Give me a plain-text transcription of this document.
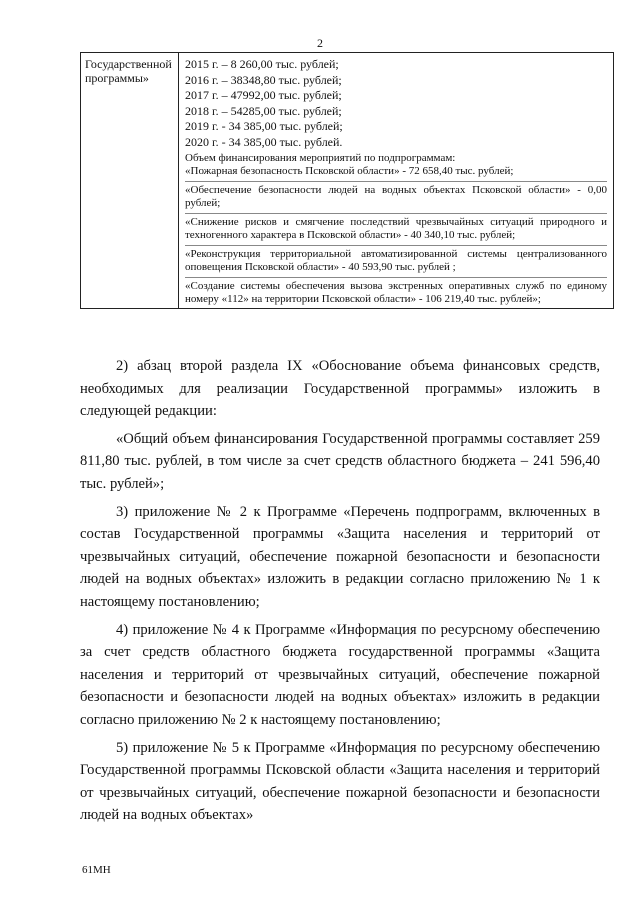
2
Государственной программы»
2015 г. – 8 260,00 тыс. рублей;
2016 г. – 38348,80 тыс. рублей;
2017 г. – 47992,00 тыс. рублей;
2018 г. – 54285,00 тыс. рублей;
2019 г. - 34 385,00 тыс. рублей;
2020 г. - 34 385,00 тыс. рублей.
Объем финансирования мероприятий по подпрограммам:
«Пожарная безопасность Псковской области» - 72 658,40 тыс. рублей;
«Обеспечение безопасности людей на водных объектах Псковской области» - 0,00 рублей;
«Снижение рисков и смягчение последствий чрезвычайных ситуаций природного и техногенного характера в Псковской области» - 40 340,10 тыс. рублей;
«Реконструкция территориальной автоматизированной системы централизованного оповещения Псковской области» - 40 593,90 тыс. рублей ;
«Создание системы обеспечения вызова экстренных оперативных служб по единому номеру «112» на территории Псковской области» - 106 219,40 тыс. рублей»;

2) абзац второй раздела IX «Обоснование объема финансовых средств, необходимых для реализации Государственной программы» изложить в следующей редакции:

«Общий объем финансирования Государственной программы составляет 259 811,80 тыс. рублей, в том числе за счет средств областного бюджета – 241 596,40 тыс. рублей»;

3) приложение № 2 к Программе «Перечень подпрограмм, включенных в состав Государственной программы «Защита населения и территорий от чрезвычайных ситуаций, обеспечение пожарной безопасности и безопасности людей на водных объектах» изложить в редакции согласно приложению № 1 к настоящему постановлению;

4) приложение № 4 к Программе «Информация по ресурсному обеспечению за счет средств областного бюджета государственной программы «Защита населения и территорий от чрезвычайных ситуаций, обеспечение пожарной безопасности и безопасности людей на водных объектах» изложить в редакции согласно приложению № 2 к настоящему постановлению;

5) приложение № 5 к Программе «Информация по ресурсному обеспечению Государственной программы Псковской области «Защита населения и территорий от чрезвычайных ситуаций, обеспечение пожарной безопасности и безопасности людей на водных объектах»

61МН
